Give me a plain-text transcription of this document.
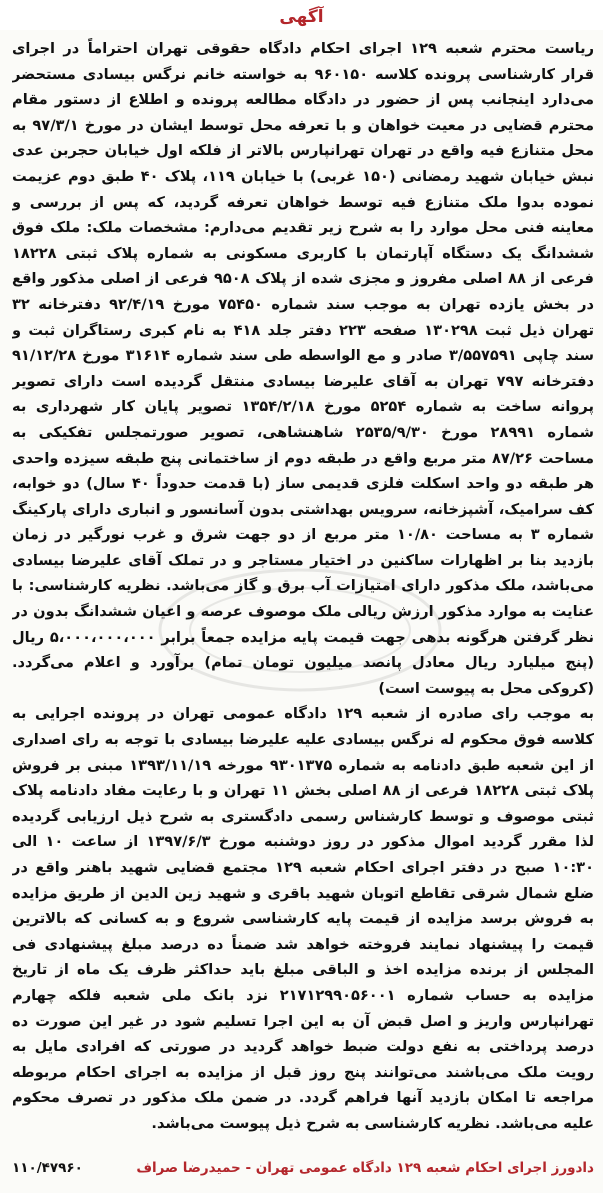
آگهی

ریاست محترم شعبه ۱۲۹ اجرای احکام دادگاه حقوقی تهران احتراماً در اجرای قرار کارشناسی پرونده کلاسه ۹۶۰۱۵۰ به خواسته خانم نرگس بیسادی مستحضر می‌دارد اینجانب پس از حضور در دادگاه مطالعه پرونده و اطلاع از دستور مقام محترم قضایی در معیت خواهان و با تعرفه محل توسط ایشان در مورخ ۹۷/۳/۱ به محل متنازع فیه واقع در تهران تهرانپارس بالاتر از فلکه اول خیابان حجربن عدی نبش خیابان شهید رمضانی (۱۵۰ غربی) با خیابان ۱۱۹، پلاک ۴۰ طبق دوم عزیمت نموده بدوا ملک متنازع فیه توسط خواهان تعرفه گردید، که پس از بررسی و معاینه فنی محل موارد را به شرح زیر تقدیم می‌دارم: مشخصات ملک: ملک فوق ششدانگ یک دستگاه آپارتمان با کاربری مسکونی به شماره پلاک ثبتی ۱۸۲۲۸ فرعی از ۸۸ اصلی مفروز و مجزی شده از پلاک ۹۵۰۸ فرعی از اصلی مذکور واقع در بخش یازده تهران به موجب سند شماره ۷۵۴۵۰ مورخ ۹۲/۴/۱۹ دفترخانه ۳۲ تهران ذیل ثبت ۱۳۰۲۹۸ صفحه ۲۲۳ دفتر جلد ۴۱۸ به نام کبری رستاگران ثبت و سند چاپی ۳/۵۵۷۵۹۱ صادر و مع الواسطه طی سند شماره ۳۱۶۱۴ مورخ ۹۱/۱۲/۲۸ دفترخانه ۷۹۷ تهران به آقای علیرضا بیسادی منتقل گردیده است دارای تصویر پروانه ساخت به شماره ۵۲۵۴ مورخ ۱۳۵۴/۲/۱۸ تصویر پایان کار شهرداری به شماره ۲۸۹۹۱ مورخ ۲۵۳۵/۹/۳۰ شاهنشاهی، تصویر صورتمجلس تفکیکی به مساحت ۸۷/۲۶ متر مربع واقع در طبقه دوم از ساختمانی پنج طبقه سیزده واحدی هر طبقه دو واحد اسکلت فلزی قدیمی ساز (با قدمت حدوداً ۴۰ سال) دو خوابه، کف سرامیک، آشپزخانه، سرویس بهداشتی بدون آسانسور و انباری دارای پارکینگ شماره ۳ به مساحت ۱۰/۸۰ متر مربع از دو جهت شرق و غرب نورگیر در زمان بازدید بنا بر اظهارات ساکنین در اختیار مستاجر و در تملک آقای علیرضا بیسادی می‌باشد، ملک مذکور دارای امتیازات آب برق و گاز می‌باشد. نظریه کارشناسی: با عنایت به موارد مذکور ارزش ریالی ملک موصوف عرصه و اعیان ششدانگ بدون در نظر گرفتن هرگونه بدهی جهت قیمت پایه مزایده جمعاً برابر ۵،۰۰۰،۰۰۰،۰۰۰ ریال (پنج میلیارد ریال معادل پانصد میلیون تومان تمام) برآورد و اعلام می‌گردد. (کروکی محل به پیوست است)

به موجب رای صادره از شعبه ۱۲۹ دادگاه عمومی تهران در پرونده اجرایی به کلاسه فوق محکوم له نرگس بیسادی علیه علیرضا بیسادی با توجه به رای اصداری از این شعبه طبق دادنامه به شماره ۹۳۰۱۳۷۵ مورخه ۱۳۹۳/۱۱/۱۹ مبنی بر فروش پلاک ثبتی ۱۸۲۲۸ فرعی از ۸۸ اصلی بخش ۱۱ تهران و با رعایت مفاد دادنامه پلاک ثبتی موصوف و توسط کارشناس رسمی دادگستری به شرح ذیل ارزیابی گردیده لذا مقرر گردید اموال مذکور در روز دوشنبه مورخ ۱۳۹۷/۶/۳ از ساعت ۱۰ الی ۱۰:۳۰ صبح در دفتر اجرای احکام شعبه ۱۲۹ مجتمع قضایی شهید باهنر واقع در ضلع شمال شرقی تقاطع اتوبان شهید باقری و شهید زین الدین از طریق مزایده به فروش برسد مزایده از قیمت پایه کارشناسی شروع و به کسانی که بالاترین قیمت را پیشنهاد نمایند فروخته خواهد شد ضمناً ده درصد مبلغ پیشنهادی فی المجلس از برنده مزایده اخذ و الباقی مبلغ باید حداکثر ظرف یک ماه از تاریخ مزایده به حساب شماره ۲۱۷۱۲۹۹۰۵۶۰۰۱ نزد بانک ملی شعبه فلکه چهارم تهرانپارس واریز و اصل قبض آن به این اجرا تسلیم شود در غیر این صورت ده درصد پرداختی به نفع دولت ضبط خواهد گردید در صورتی که افرادی مایل به رویت ملک می‌باشند می‌توانند پنج روز قبل از مزایده به اجرای احکام مربوطه مراجعه تا امکان بازدید آنها فراهم گردد. در ضمن ملک مذکور در تصرف محکوم علیه می‌باشد. نظریه کارشناسی به شرح ذیل پیوست می‌باشد.

دادورز اجرای احکام شعبه ۱۲۹ دادگاه عمومی تهران - حمیدرضا صراف
۱۱۰/۴۷۹۶۰
